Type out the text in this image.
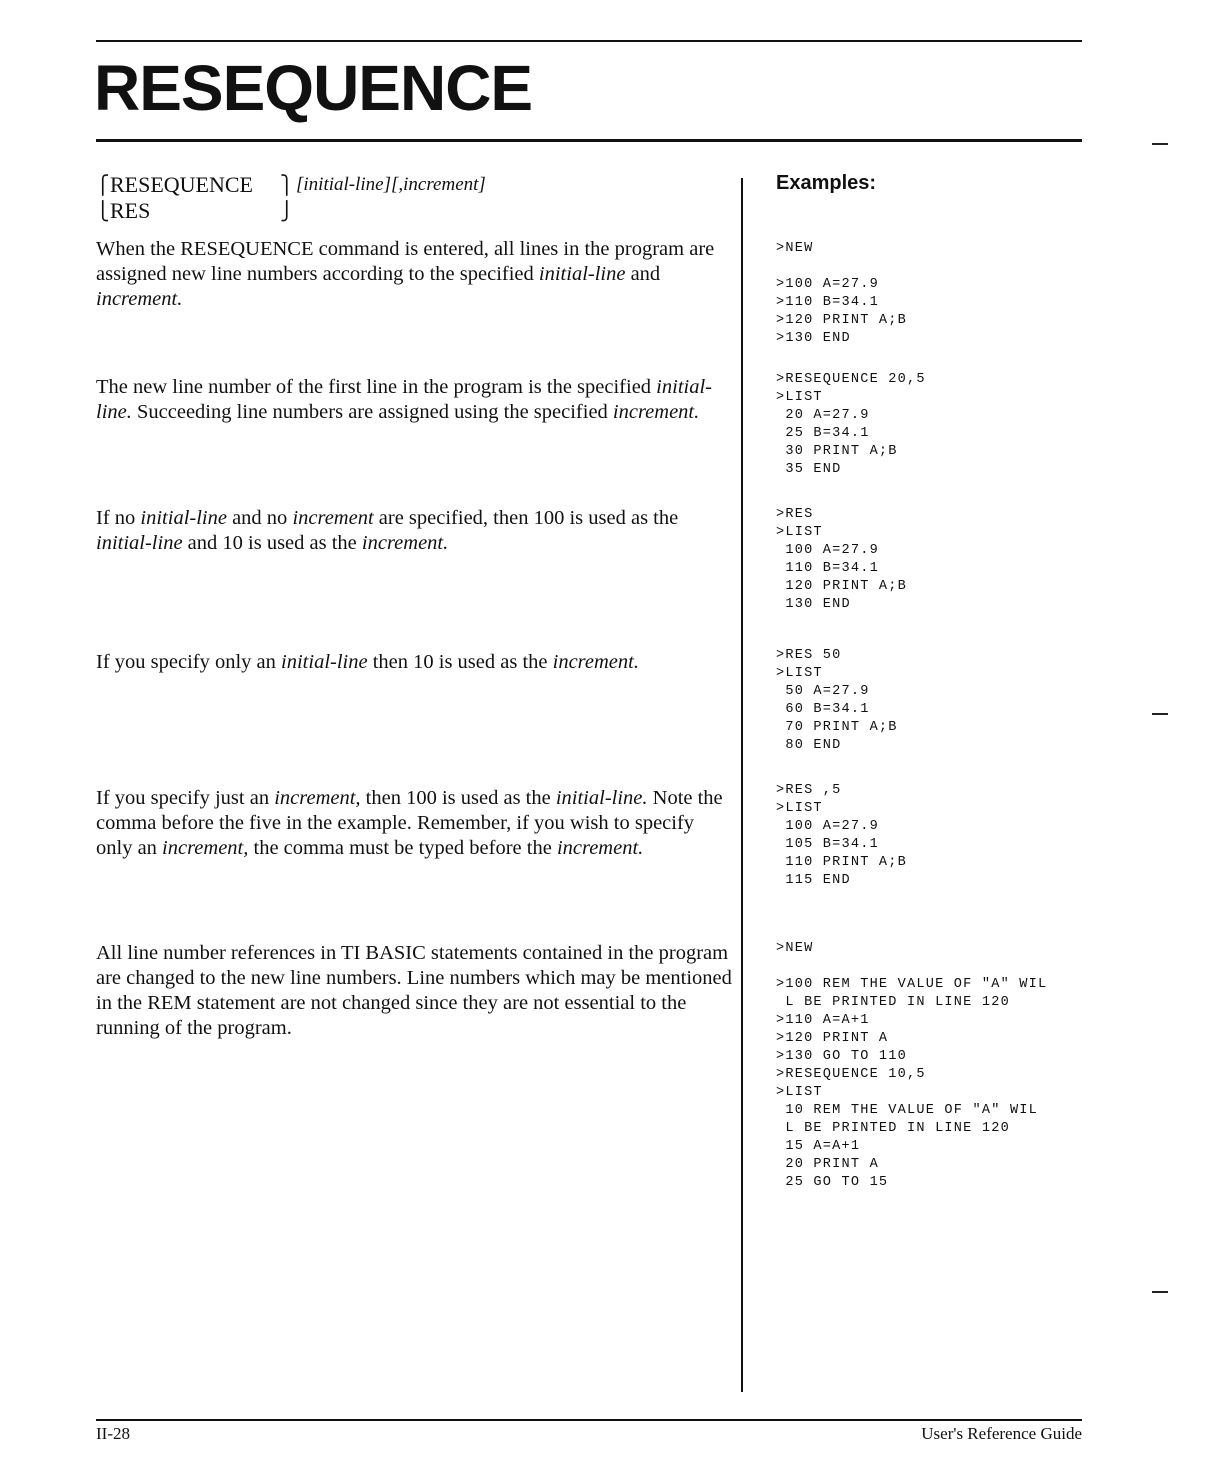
RESEQUENCE
⎧
⎩
RESEQUENCE
RES
⎫
⎭
[initial-line][,increment]

When the RESEQUENCE command is entered, all lines in the program are assigned new line numbers according to the specified initial-line and increment.

The new line number of the first line in the program is the specified initial-line. Succeeding line numbers are assigned using the specified increment.

If no initial-line and no increment are specified, then 100 is used as the initial-line and 10 is used as the increment.

If you specify only an initial-line then 10 is used as the increment.

If you specify just an increment, then 100 is used as the initial-line. Note the comma before the five in the example. Remember, if you wish to specify only an increment, the comma must be typed before the increment.

All line number references in TI BASIC statements contained in the program are changed to the new line numbers. Line numbers which may be mentioned in the REM statement are not changed since they are not essential to the running of the program.

Examples:
>NEW
>100 A=27.9
>110 B=34.1
>120 PRINT A;B
>130 END
>RESEQUENCE 20,5
>LIST
20 A=27.9
25 B=34.1
30 PRINT A;B
35 END
>RES
>LIST
100 A=27.9
110 B=34.1
120 PRINT A;B
130 END
>RES 50
>LIST
50 A=27.9
60 B=34.1
70 PRINT A;B
80 END
>RES ,5
>LIST
100 A=27.9
105 B=34.1
110 PRINT A;B
115 END
>NEW
>100 REM THE VALUE OF "A" WIL
L BE PRINTED IN LINE 120
>110 A=A+1
>120 PRINT A
>130 GO TO 110
>RESEQUENCE 10,5
>LIST
10 REM THE VALUE OF "A" WIL
L BE PRINTED IN LINE 120
15 A=A+1
20 PRINT A
25 GO TO 15
II-28	User's Reference Guide
